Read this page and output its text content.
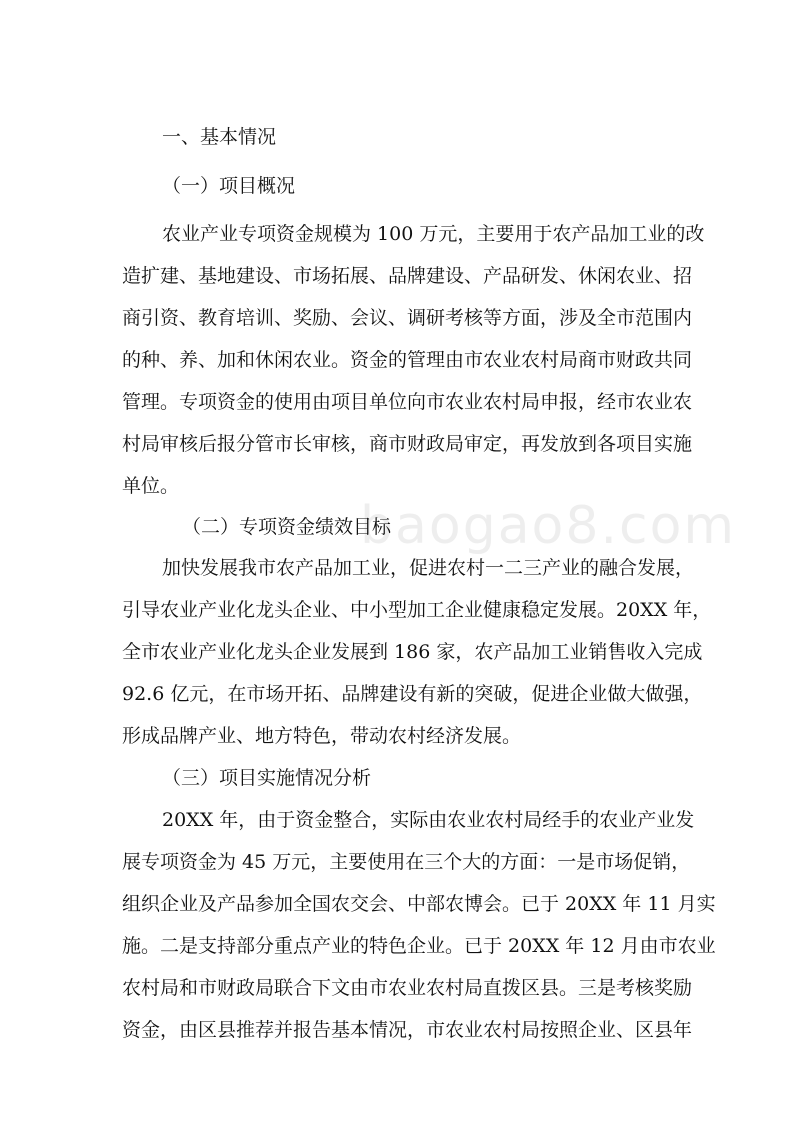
baogao8.com
一、基本情况
（一）项目概况
农业产业专项资金规模为 100 万元，主要用于农产品加工业的改
造扩建、基地建设、市场拓展、品牌建设、产品研发、休闲农业、招
商引资、教育培训、奖励、会议、调研考核等方面，涉及全市范围内
的种、养、加和休闲农业。资金的管理由市农业农村局商市财政共同
管理。专项资金的使用由项目单位向市农业农村局申报，经市农业农
村局审核后报分管市长审核，商市财政局审定，再发放到各项目实施
单位。
（二）专项资金绩效目标
加快发展我市农产品加工业，促进农村一二三产业的融合发展，
引导农业产业化龙头企业、中小型加工企业健康稳定发展。20XX 年，
全市农业产业化龙头企业发展到 186 家，农产品加工业销售收入完成
92.6 亿元，在市场开拓、品牌建设有新的突破，促进企业做大做强，
形成品牌产业、地方特色，带动农村经济发展。
（三）项目实施情况分析
20XX 年，由于资金整合，实际由农业农村局经手的农业产业发
展专项资金为 45 万元，主要使用在三个大的方面：一是市场促销，
组织企业及产品参加全国农交会、中部农博会。已于 20XX 年 11 月实
施。二是支持部分重点产业的特色企业。已于 20XX 年 12 月由市农业
农村局和市财政局联合下文由市农业农村局直拨区县。三是考核奖励
资金，由区县推荐并报告基本情况，市农业农村局按照企业、区县年
